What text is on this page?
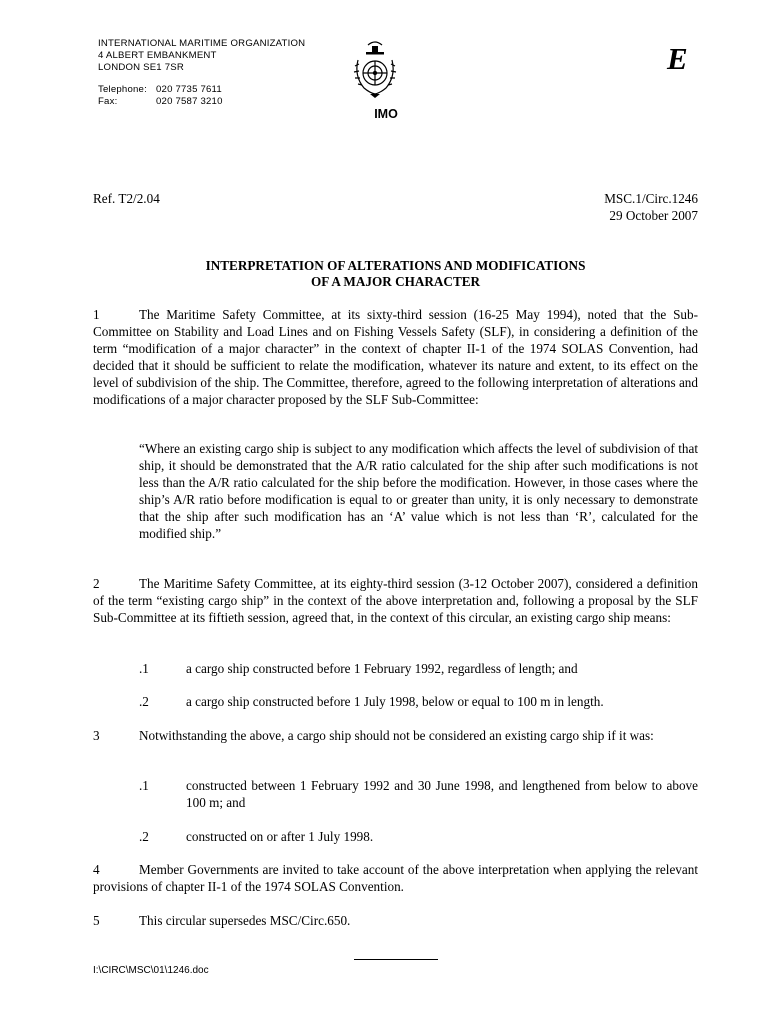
INTERNATIONAL MARITIME ORGANIZATION
4 ALBERT EMBANKMENT
LONDON SE1 7SR
Telephone: 020 7735 7611
Fax:	020 7587 3210
IMO
E
Ref. T2/2.04	MSC.1/Circ.1246
29 October 2007
INTERPRETATION OF ALTERATIONS AND MODIFICATIONS
OF A MAJOR CHARACTER
1	The Maritime Safety Committee, at its sixty-third session (16-25 May 1994), noted that the Sub-Committee on Stability and Load Lines and on Fishing Vessels Safety (SLF), in considering a definition of the term “modification of a major character” in the context of chapter II-1 of the 1974 SOLAS Convention, had decided that it should be sufficient to relate the modification, whatever its nature and extent, to its effect on the level of subdivision of the ship. The Committee, therefore, agreed to the following interpretation of alterations and modifications of a major character proposed by the SLF Sub-Committee:
“Where an existing cargo ship is subject to any modification which affects the level of subdivision of that ship, it should be demonstrated that the A/R ratio calculated for the ship after such modifications is not less than the A/R ratio calculated for the ship before the modification. However, in those cases where the ship’s A/R ratio before modification is equal to or greater than unity, it is only necessary to demonstrate that the ship after such modification has an ‘A’ value which is not less than ‘R’, calculated for the modified ship.”
2	The Maritime Safety Committee, at its eighty-third session (3-12 October 2007), considered a definition of the term “existing cargo ship” in the context of the above interpretation and, following a proposal by the SLF Sub-Committee at its fiftieth session, agreed that, in the context of this circular, an existing cargo ship means:
.1	a cargo ship constructed before 1 February 1992, regardless of length; and
.2	a cargo ship constructed before 1 July 1998, below or equal to 100 m in length.
3	Notwithstanding the above, a cargo ship should not be considered an existing cargo ship if it was:
.1	constructed between 1 February 1992 and 30 June 1998, and lengthened from below to above 100 m; and
.2	constructed on or after 1 July 1998.
4	Member Governments are invited to take account of the above interpretation when applying the relevant provisions of chapter II-1 of the 1974 SOLAS Convention.
5	This circular supersedes MSC/Circ.650.
I:\CIRC\MSC\01\1246.doc
